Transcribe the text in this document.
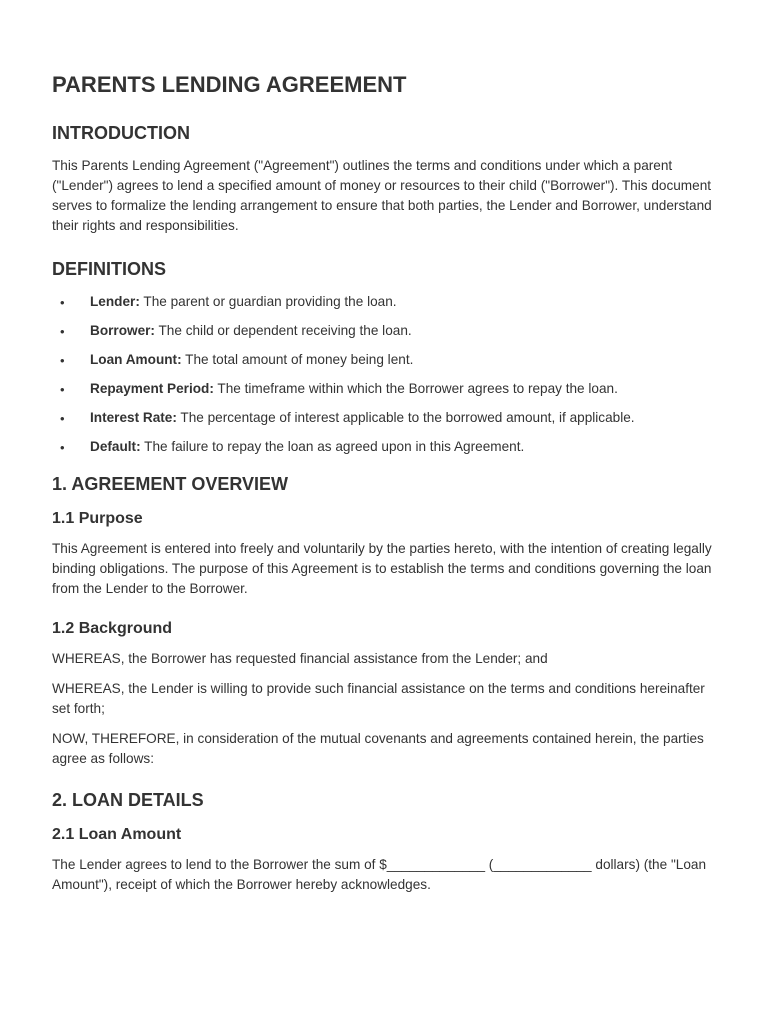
PARENTS LENDING AGREEMENT
INTRODUCTION

This Parents Lending Agreement ("Agreement") outlines the terms and conditions under which a parent ("Lender") agrees to lend a specified amount of money or resources to their child ("Borrower"). This document serves to formalize the lending arrangement to ensure that both parties, the Lender and Borrower, understand their rights and responsibilities.

DEFINITIONS
• Lender: The parent or guardian providing the loan.
• Borrower: The child or dependent receiving the loan.
• Loan Amount: The total amount of money being lent.
• Repayment Period: The timeframe within which the Borrower agrees to repay the loan.
• Interest Rate: The percentage of interest applicable to the borrowed amount, if applicable.
• Default: The failure to repay the loan as agreed upon in this Agreement.
1. AGREEMENT OVERVIEW
1.1 Purpose

This Agreement is entered into freely and voluntarily by the parties hereto, with the intention of creating legally binding obligations. The purpose of this Agreement is to establish the terms and conditions governing the loan from the Lender to the Borrower.

1.2 Background

WHEREAS, the Borrower has requested financial assistance from the Lender; and

WHEREAS, the Lender is willing to provide such financial assistance on the terms and conditions hereinafter set forth;

NOW, THEREFORE, in consideration of the mutual covenants and agreements contained herein, the parties agree as follows:

2. LOAN DETAILS
2.1 Loan Amount

The Lender agrees to lend to the Borrower the sum of $_____________ (_____________ dollars) (the "Loan Amount"), receipt of which the Borrower hereby acknowledges.
